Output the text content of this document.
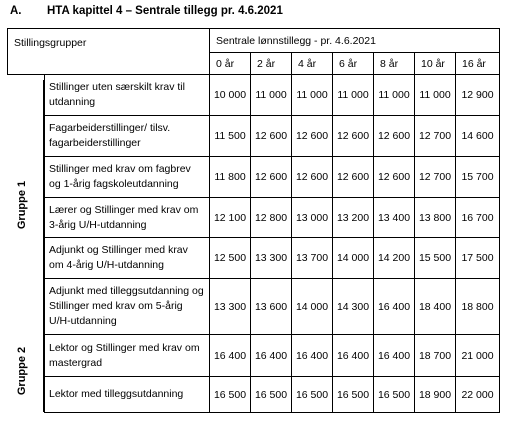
A. HTA kapittel 4 – Sentrale tillegg pr. 4.6.2021
Gruppe 1
Gruppe 2
Stillingsgrupper		Sentrale lønnstillegg - pr. 4.6.2021						
		0 år	2 år	4 år	6 år	8 år	10 år	16 år
	Stillinger uten særskilt krav til utdanning	10 000	11 000	11 000	11 000	11 000	11 000	12 900
	Fagarbeiderstillinger/ tilsv. fagarbeiderstillinger	11 500	12 600	12 600	12 600	12 600	12 700	14 600
	Stillinger med krav om fagbrev og 1-årig fagskoleutdanning	11 800	12 600	12 600	12 600	12 600	12 700	15 700
	Lærer og Stillinger med krav om 3-årig U/H-utdanning	12 100	12 800	13 000	13 200	13 400	13 800	16 700
	Adjunkt og Stillinger med krav om 4-årig U/H-utdanning	12 500	13 300	13 700	14 000	14 200	15 500	17 500
	Adjunkt med tilleggsutdanning og Stillinger med krav om 5-årig U/H-utdanning	13 300	13 600	14 000	14 300	16 400	18 400	18 800
	Lektor og Stillinger med krav om mastergrad	16 400	16 400	16 400	16 400	16 400	18 700	21 000
	Lektor med tilleggsutdanning	16 500	16 500	16 500	16 500	16 500	18 900	22 000
